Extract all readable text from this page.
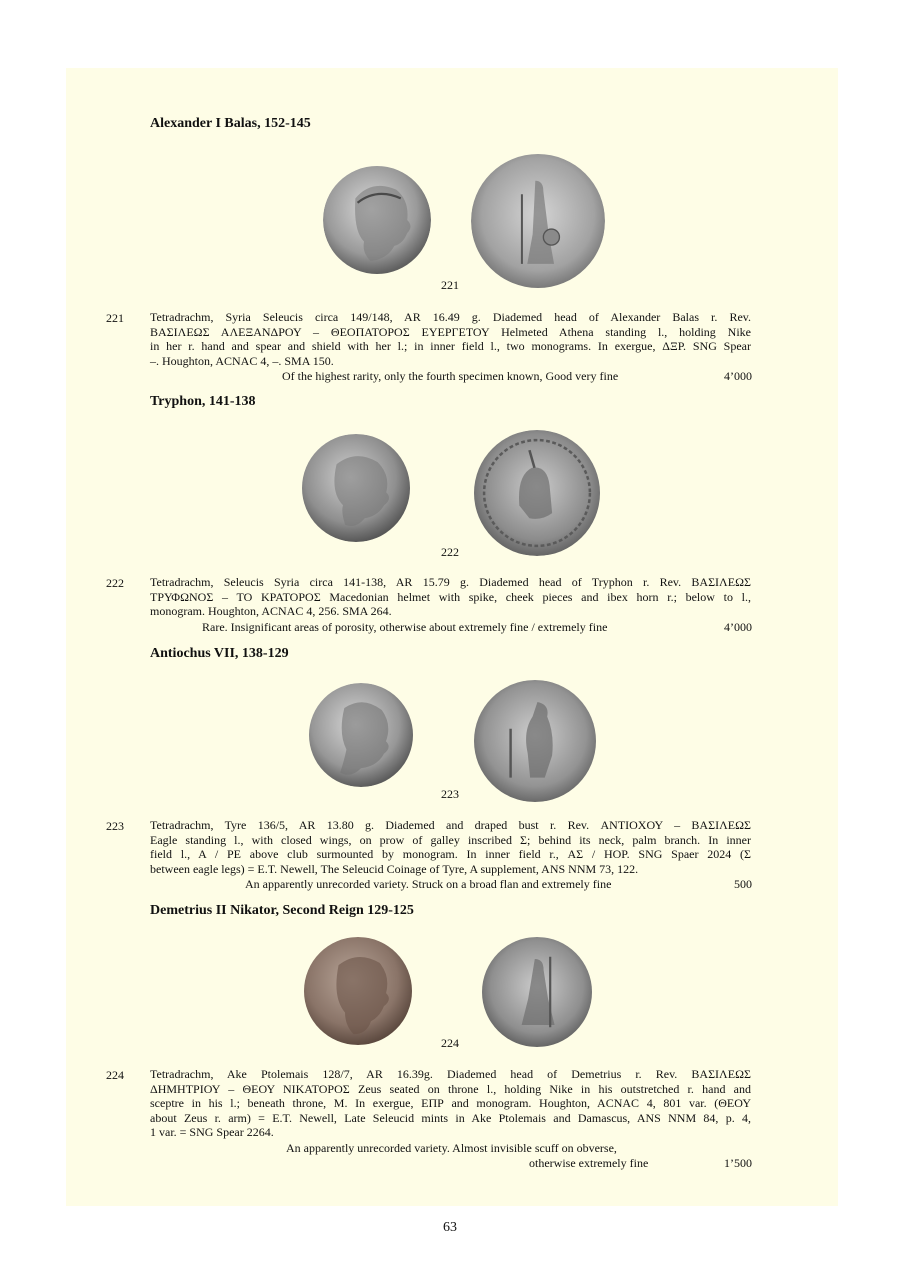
Alexander I Balas, 152-145
221
221 Tetradrachm, Syria Seleucis circa 149/148, AR 16.49 g. Diademed head of Alexander Balas r. Rev.
ΒΑΣΙΛΕΩΣ ΑΛΕΞΑΝΔΡΟΥ – ΘΕΟΠΑΤΟΡΟΣ ΕΥΕΡΓΕΤΟΥ Helmeted Athena standing l., holding Nike
in her r. hand and spear and shield with her l.; in inner field l., two monograms. In exergue, ΔΞΡ. SNG Spear
–. Houghton, ACNAC 4, –. SMA 150.
Of the highest rarity, only the fourth specimen known, Good very fine	4’000
Tryphon, 141-138
222
222 Tetradrachm, Seleucis Syria circa 141-138, AR 15.79 g. Diademed head of Tryphon r. Rev. ΒΑΣΙΛΕΩΣ
ΤΡΥΦΩΝΟΣ – ΤΟ ΚΡΑΤΟΡΟΣ Macedonian helmet with spike, cheek pieces and ibex horn r.; below to l.,
monogram. Houghton, ACNAC 4, 256. SMA 264.
Rare. Insignificant areas of porosity, otherwise about extremely fine / extremely fine	4’000
Antiochus VII, 138-129
223
223 Tetradrachm, Tyre 136/5, AR 13.80 g. Diademed and draped bust r. Rev. ΑΝΤΙΟΧΟΥ – ΒΑΣΙΛΕΩΣ
Eagle standing l., with closed wings, on prow of galley inscribed Σ; behind its neck, palm branch. In inner
field l., A / PE above club surmounted by monogram. In inner field r., ΑΣ / ΗΟΡ. SNG Spaer 2024 (Σ
between eagle legs) = E.T. Newell, The Seleucid Coinage of Tyre, A supplement, ANS NNM 73, 122.
An apparently unrecorded variety. Struck on a broad flan and extremely fine	500
Demetrius II Nikator, Second Reign 129-125
224
224 Tetradrachm, Ake Ptolemais 128/7, AR 16.39g. Diademed head of Demetrius r. Rev. ΒΑΣΙΛΕΩΣ
ΔΗΜΗΤΡΙΟΥ – ΘΕΟΥ ΝΙΚΑΤΟΡΟΣ Zeus seated on throne l., holding Nike in his outstretched r. hand and
sceptre in his l.; beneath throne, M. In exergue, ΕΠΡ and monogram. Houghton, ACNAC 4, 801 var. (ΘΕΟΥ
about Zeus r. arm) = E.T. Newell, Late Seleucid mints in Ake Ptolemais and Damascus, ANS NNM 84, p. 4,
1 var. = SNG Spear 2264.
An apparently unrecorded variety. Almost invisible scuff on obverse,
otherwise extremely fine	1’500
63
